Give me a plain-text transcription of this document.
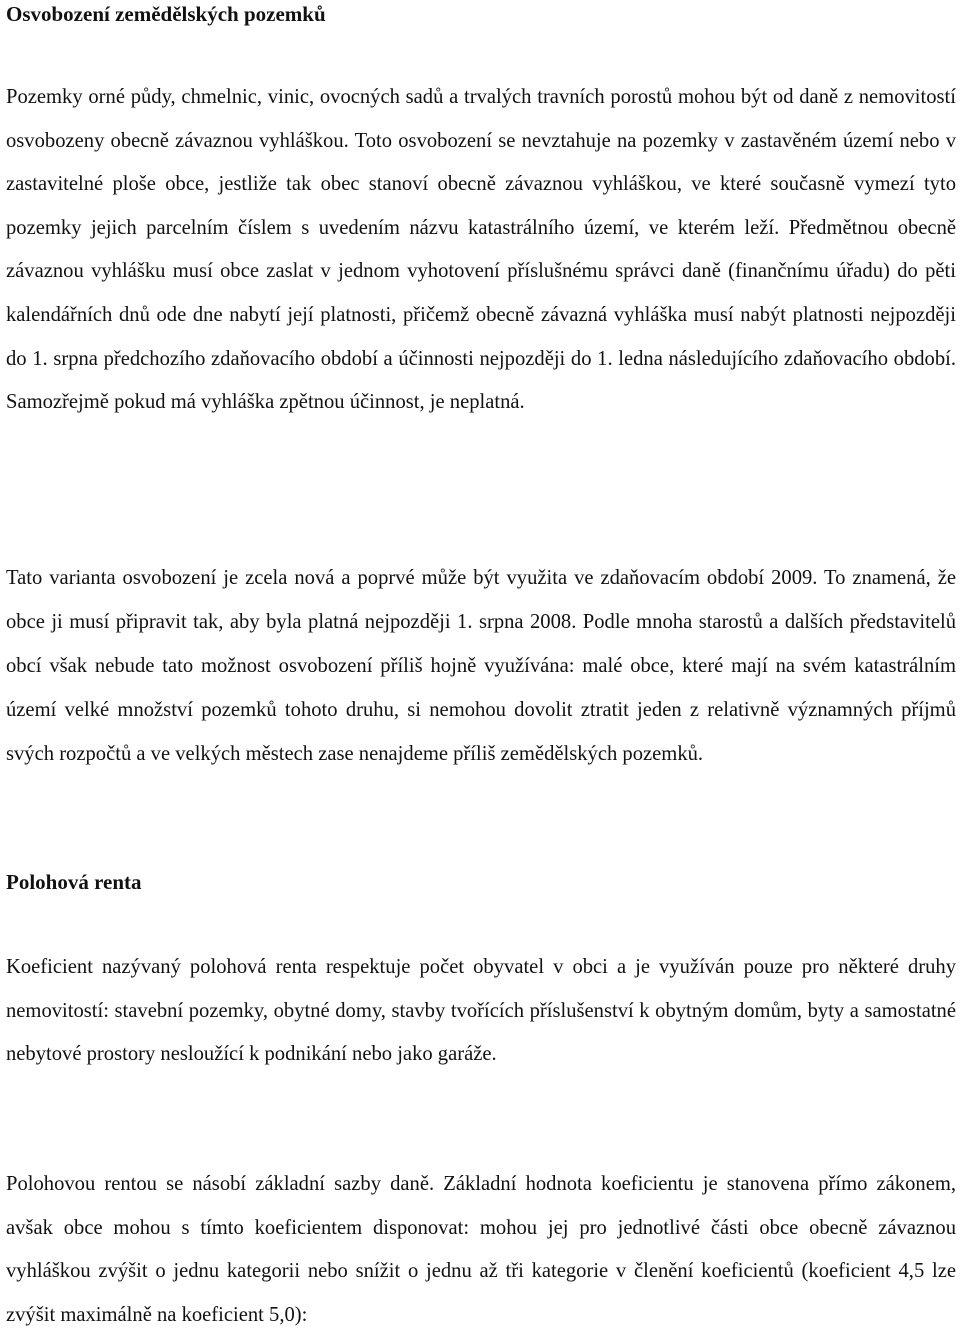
Osvobození zemědělských pozemků

Pozemky orné půdy, chmelnic, vinic, ovocných sadů a trvalých travních porostů mohou být od daně z nemovitostí osvobozeny obecně závaznou vyhláškou. Toto osvobození se nevztahuje na pozemky v zastavěném území nebo v zastavitelné ploše obce, jestliže tak obec stanoví obecně závaznou vyhláškou, ve které současně vymezí tyto pozemky jejich parcelním číslem s uvedením názvu katastrálního území, ve kterém leží. Předmětnou obecně závaznou vyhlášku musí obce zaslat v jednom vyhotovení příslušnému správci daně (finančnímu úřadu) do pěti kalendářních dnů ode dne nabytí její platnosti, přičemž obecně závazná vyhláška musí nabýt platnosti nejpozději do 1. srpna předchozího zdaňovacího období a účinnosti nejpozději do 1. ledna následujícího zdaňovacího období. Samozřejmě pokud má vyhláška zpětnou účinnost, je neplatná.

Tato varianta osvobození je zcela nová a poprvé může být využita ve zdaňovacím období 2009. To znamená, že obce ji musí připravit tak, aby byla platná nejpozději 1. srpna 2008. Podle mnoha starostů a dalších představitelů obcí však nebude tato možnost osvobození příliš hojně využívána: malé obce, které mají na svém katastrálním území velké množství pozemků tohoto druhu, si nemohou dovolit ztratit jeden z relativně významných příjmů svých rozpočtů a ve velkých městech zase nenajdeme příliš zemědělských pozemků.

Polohová renta

Koeficient nazývaný polohová renta respektuje počet obyvatel v obci a je využíván pouze pro některé druhy nemovitostí: stavební pozemky, obytné domy, stavby tvořících příslušenství k obytným domům, byty a samostatné nebytové prostory nesloužící k podnikání nebo jako garáže.

Polohovou rentou se násobí základní sazby daně. Základní hodnota koeficientu je stanovena přímo zákonem, avšak obce mohou s tímto koeficientem disponovat: mohou jej pro jednotlivé části obce obecně závaznou vyhláškou zvýšit o jednu kategorii nebo snížit o jednu až tři kategorie v členění koeficientů (koeficient 4,5 lze zvýšit maximálně na koeficient 5,0):
